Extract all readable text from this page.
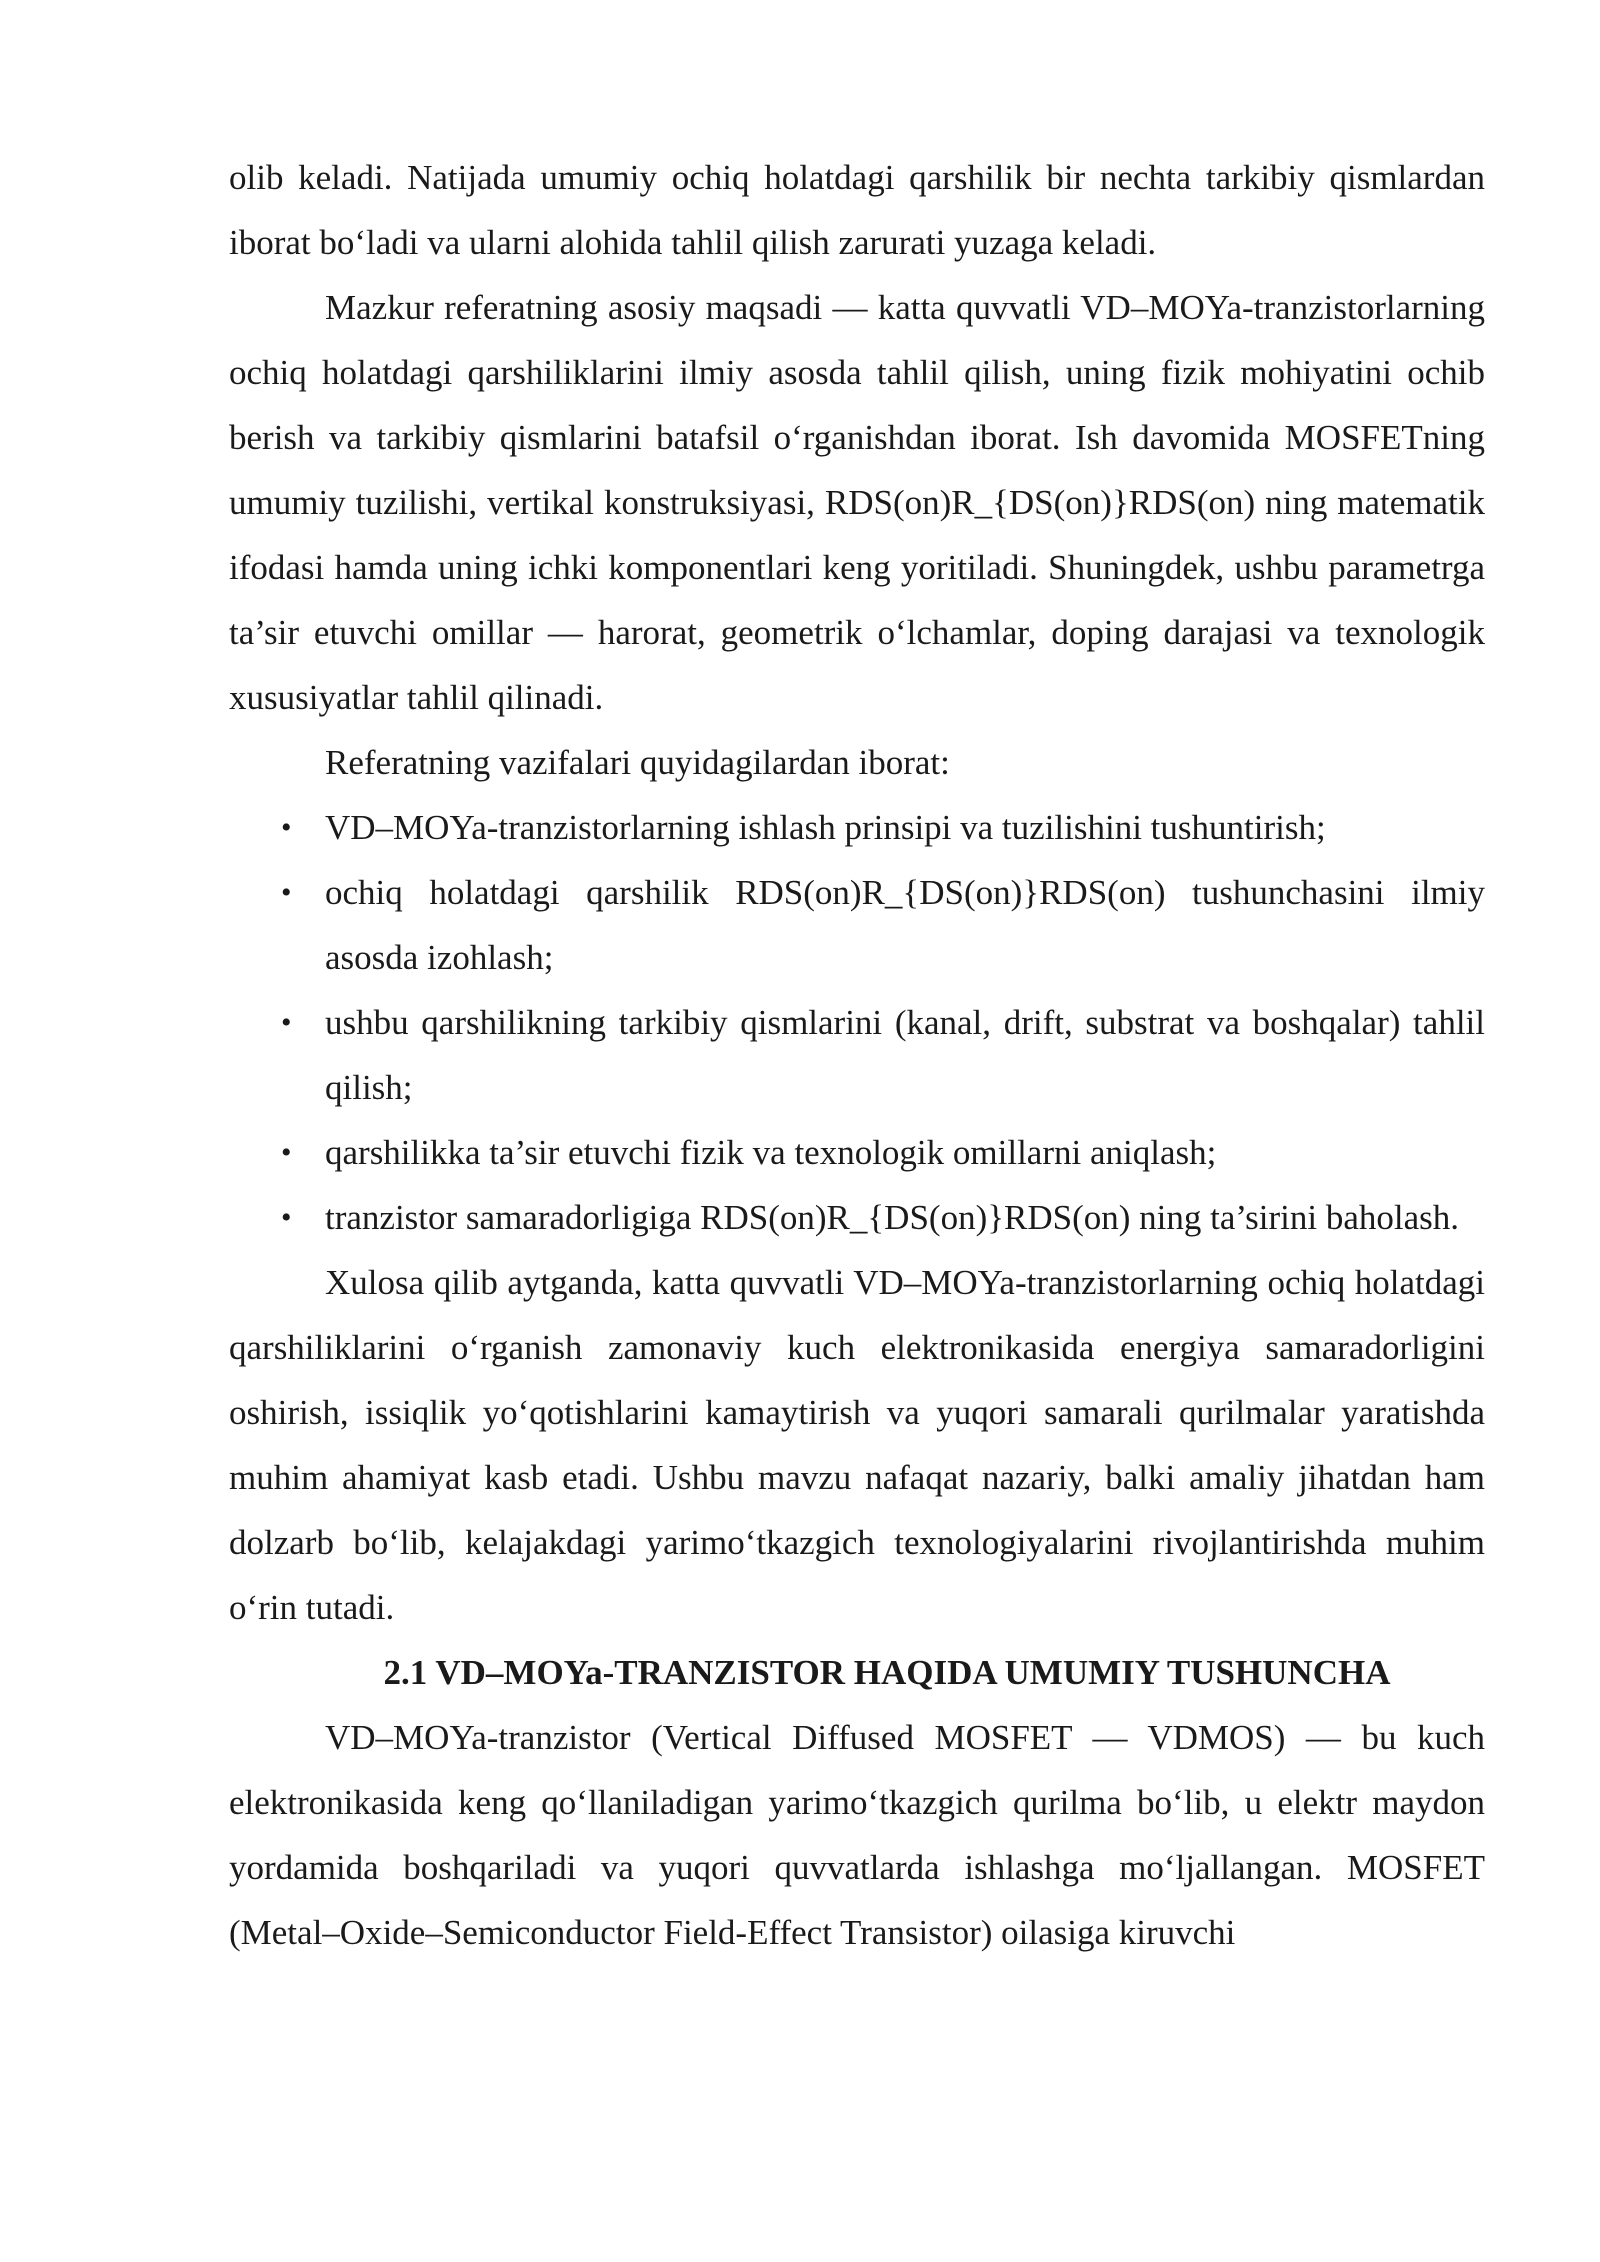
olib keladi. Natijada umumiy ochiq holatdagi qarshilik bir nechta tarkibiy qismlardan iborat bo‘ladi va ularni alohida tahlil qilish zarurati yuzaga keladi.

Mazkur referatning asosiy maqsadi — katta quvvatli VD–MOYa-tranzistorlarning ochiq holatdagi qarshiliklarini ilmiy asosda tahlil qilish, uning fizik mohiyatini ochib berish va tarkibiy qismlarini batafsil o‘rganishdan iborat. Ish davomida MOSFETning umumiy tuzilishi, vertikal konstruksiyasi, RDS(on)R_{DS(on)}RDS(on) ning matematik ifodasi hamda uning ichki komponentlari keng yoritiladi. Shuningdek, ushbu parametrga ta’sir etuvchi omillar — harorat, geometrik o‘lchamlar, doping darajasi va texnologik xususiyatlar tahlil qilinadi.

Referatning vazifalari quyidagilardan iborat:

• VD–MOYa-tranzistorlarning ishlash prinsipi va tuzilishini tushuntirish;
• ochiq holatdagi qarshilik RDS(on)R_{DS(on)}RDS(on) tushunchasini ilmiy asosda izohlash;
• ushbu qarshilikning tarkibiy qismlarini (kanal, drift, substrat va boshqalar) tahlil qilish;
• qarshilikka ta’sir etuvchi fizik va texnologik omillarni aniqlash;
• tranzistor samaradorligiga RDS(on)R_{DS(on)}RDS(on) ning ta’sirini baholash.

Xulosa qilib aytganda, katta quvvatli VD–MOYa-tranzistorlarning ochiq holatdagi qarshiliklarini o‘rganish zamonaviy kuch elektronikasida energiya samaradorligini oshirish, issiqlik yo‘qotishlarini kamaytirish va yuqori samarali qurilmalar yaratishda muhim ahamiyat kasb etadi. Ushbu mavzu nafaqat nazariy, balki amaliy jihatdan ham dolzarb bo‘lib, kelajakdagi yarimo‘tkazgich texnologiyalarini rivojlantirishda muhim o‘rin tutadi.

2.1 VD–MOYa-TRANZISTOR HAQIDA UMUMIY TUSHUNCHA

VD–MOYa-tranzistor (Vertical Diffused MOSFET — VDMOS) — bu kuch elektronikasida keng qo‘llaniladigan yarimo‘tkazgich qurilma bo‘lib, u elektr maydon yordamida boshqariladi va yuqori quvvatlarda ishlashga mo‘ljallangan. MOSFET (Metal–Oxide–Semiconductor Field-Effect Transistor) oilasiga kiruvchi
